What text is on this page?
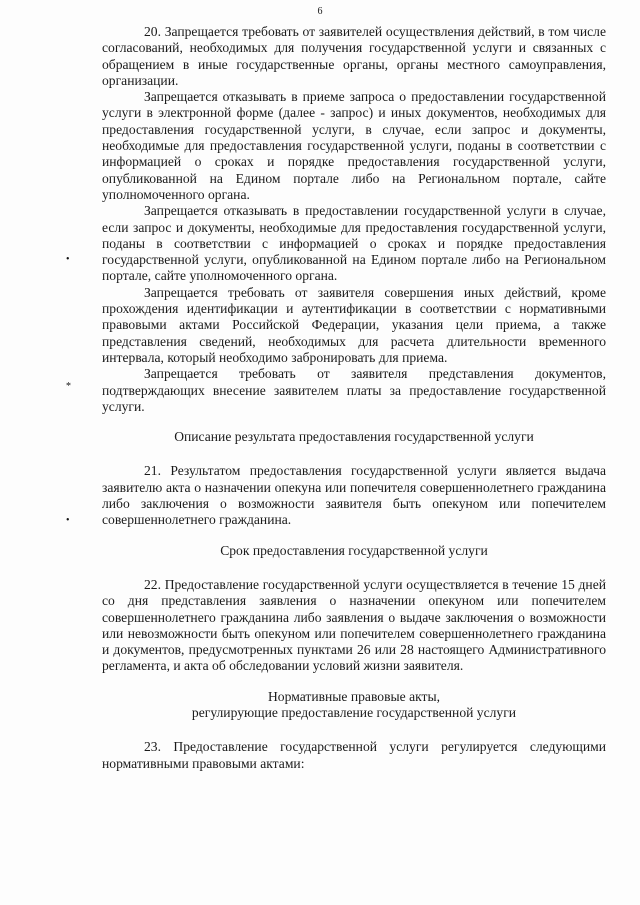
6
•
*
•

20. Запрещается требовать от заявителей осуществления действий, в том числе согласований, необходимых для получения государственной услуги и связанных с обращением в иные государственные органы, органы местного самоуправления, организации.

Запрещается отказывать в приеме запроса о предоставлении государственной услуги в электронной форме (далее - запрос) и иных документов, необходимых для предоставления государственной услуги, в случае, если запрос и документы, необходимые для предоставления государственной услуги, поданы в соответствии с информацией о сроках и порядке предоставления государственной услуги, опубликованной на Едином портале либо на Региональном портале, сайте уполномоченного органа.

Запрещается отказывать в предоставлении государственной услуги в случае, если запрос и документы, необходимые для предоставления государственной услуги, поданы в соответствии с информацией о сроках и порядке предоставления государственной услуги, опубликованной на Едином портале либо на Региональном портале, сайте уполномоченного органа.

Запрещается требовать от заявителя совершения иных действий, кроме прохождения идентификации и аутентификации в соответствии с нормативными правовыми актами Российской Федерации, указания цели приема, а также представления сведений, необходимых для расчета длительности временного интервала, который необходимо забронировать для приема.

Запрещается требовать от заявителя представления документов, подтверждающих внесение заявителем платы за предоставление государственной услуги.

Описание результата предоставления государственной услуги

21. Результатом предоставления государственной услуги является выдача заявителю акта о назначении опекуна или попечителя совершеннолетнего гражданина либо заключения о возможности заявителя быть опекуном или попечителем совершеннолетнего гражданина.

Срок предоставления государственной услуги

22. Предоставление государственной услуги осуществляется в течение 15 дней со дня представления заявления о назначении опекуном или попечителем совершеннолетнего гражданина либо заявления о выдаче заключения о возможности или невозможности быть опекуном или попечителем совершеннолетнего гражданина и документов, предусмотренных пунктами 26 или 28 настоящего Административного регламента, и акта об обследовании условий жизни заявителя.

Нормативные правовые акты,
регулирующие предоставление государственной услуги

23. Предоставление государственной услуги регулируется следующими нормативными правовыми актами:
